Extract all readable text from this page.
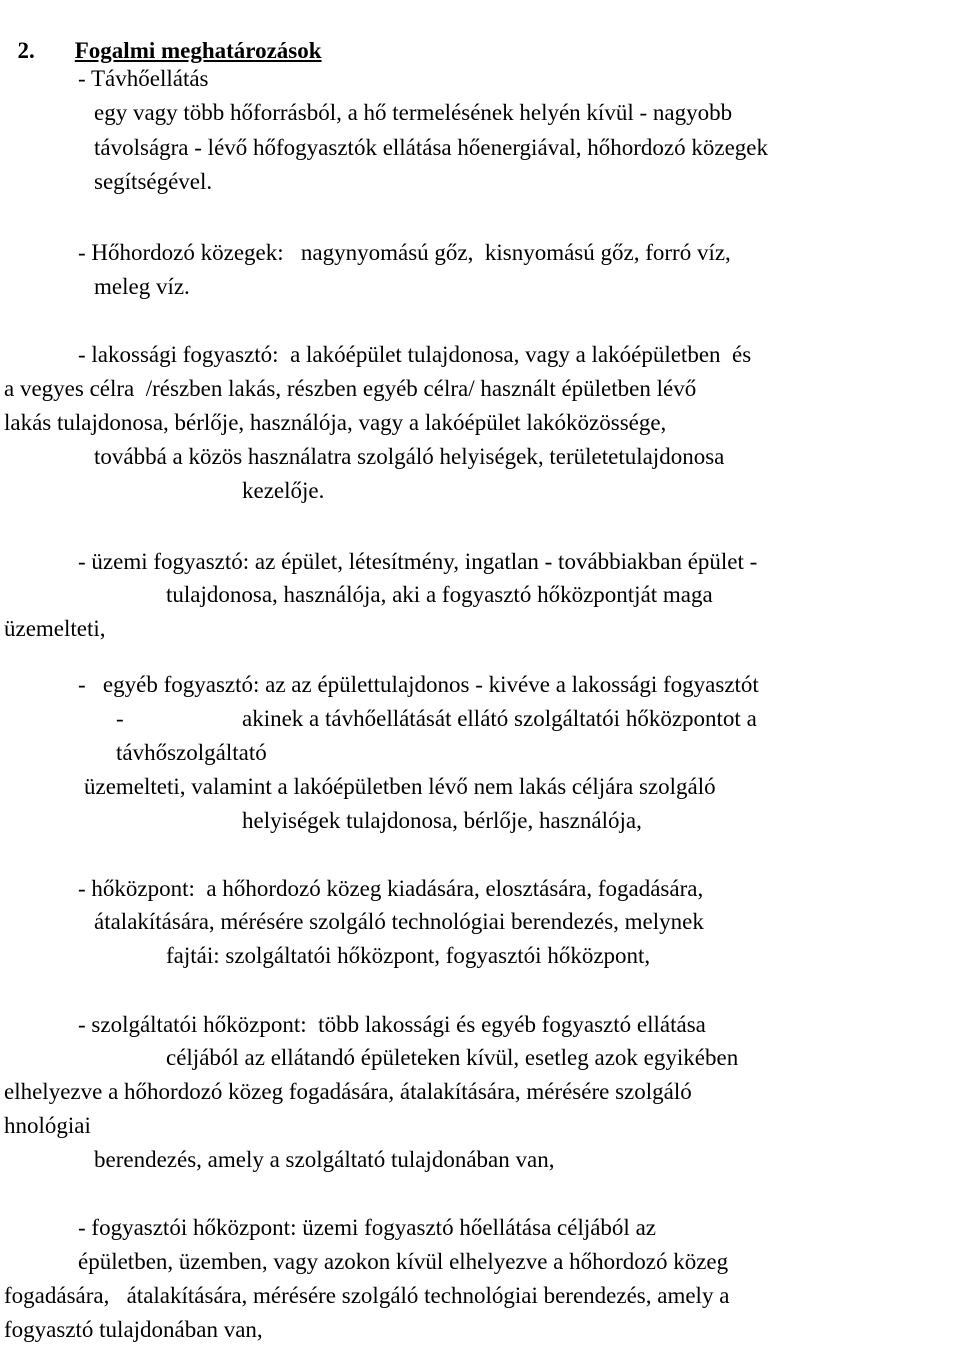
2. Fogalmi meghatározások

- Távhőellátás
egy vagy több hőforrásból, a hő termelésének helyén kívül - nagyobb
távolságra - lévő hőfogyasztók ellátása hőenergiával, hőhordozó közegek
segítségével.
- Hőhordozó közegek:   nagynyomású gőz,  kisnyomású gőz, forró víz,
meleg víz.
- lakossági fogyasztó:  a lakóépület tulajdonosa, vagy a lakóépületben  és
a vegyes célra  /részben lakás, részben egyéb célra/ használt épületben lévő
lakás tulajdonosa, bérlője, használója, vagy a lakóépület lakóközössége,
továbbá a közös használatra szolgáló helyiségek, területetulajdonosa
kezelője.
- üzemi fogyasztó: az épület, létesítmény, ingatlan - továbbiakban épület -
tulajdonosa, használója, aki a fogyasztó hőközpontját maga
üzemelteti,
-   egyéb fogyasztó: az az épülettulajdonos - kivéve a lakossági fogyasztót
-	akinek a távhőellátását ellátó szolgáltatói hőközpontot a
távhőszolgáltató
üzemelteti, valamint a lakóépületben lévő nem lakás céljára szolgáló
helyiségek tulajdonosa, bérlője, használója,
- hőközpont:  a hőhordozó közeg kiadására, elosztására, fogadására,
átalakítására, mérésére szolgáló technológiai berendezés, melynek
fajtái: szolgáltatói hőközpont, fogyasztói hőközpont,
- szolgáltatói hőközpont:  több lakossági és egyéb fogyasztó ellátása
céljából az ellátandó épületeken kívül, esetleg azok egyikében
elhelyezve a hőhordozó közeg fogadására, átalakítására, mérésére szolgáló
hnológiai
berendezés, amely a szolgáltató tulajdonában van,
- fogyasztói hőközpont: üzemi fogyasztó hőellátása céljából az
épületben, üzemben, vagy azokon kívül elhelyezve a hőhordozó közeg
fogadására,   átalakítására, mérésére szolgáló technológiai berendezés, amely a
fogyasztó tulajdonában van,
